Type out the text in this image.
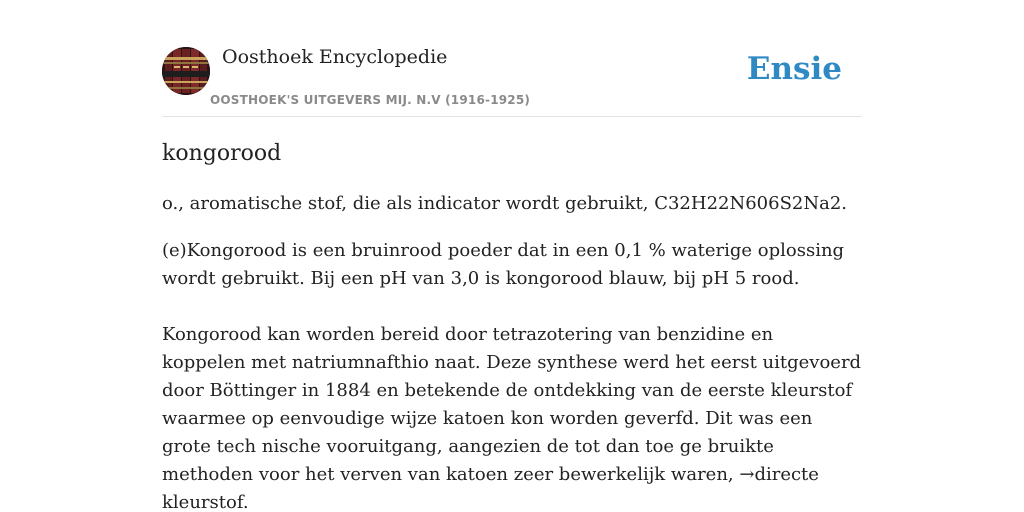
Oosthoek Encyclopedie
OOSTHOEK'S UITGEVERS MIJ. N.V (1916-1925)
Ensie
kongorood

o., aromatische stof, die als indicator wordt gebruikt, C32H22N606S2Na2.

(e)Kongorood is een bruinrood poeder dat in een 0,1 % waterige oplossing wordt gebruikt. Bij een pH van 3,0 is kongorood blauw, bij pH 5 rood.

Kongorood kan worden bereid door tetrazotering van benzidine en koppelen met natriumnafthio naat. Deze synthese werd het eerst uitgevoerd door Böttinger in 1884 en betekende de ontdekking van de eerste kleurstof waarmee op eenvoudige wijze katoen kon worden geverfd. Dit was een grote tech nische vooruitgang, aangezien de tot dan toe ge bruikte methoden voor het verven van katoen zeer bewerkelijk waren, →directe kleurstof.
